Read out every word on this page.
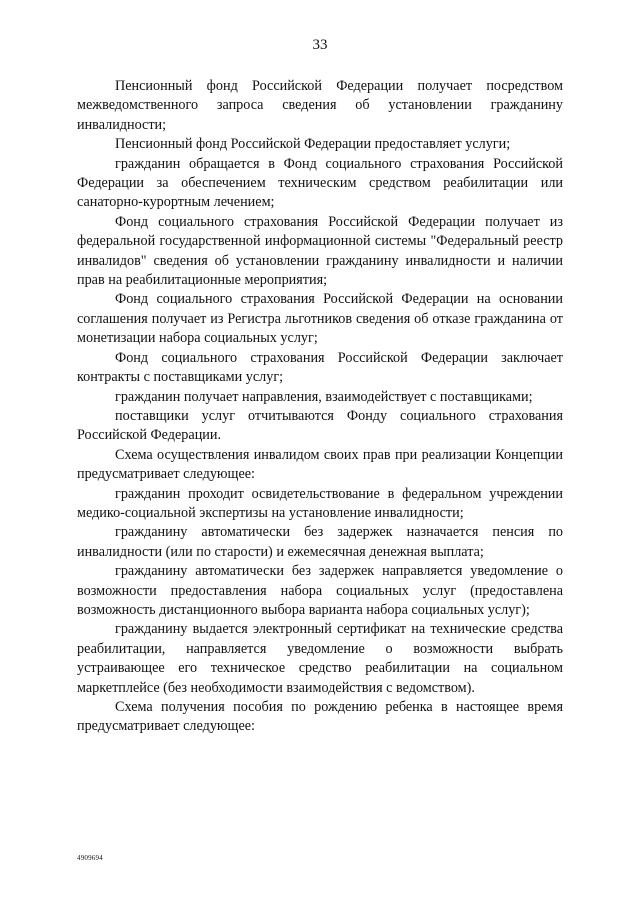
33

Пенсионный фонд Российской Федерации получает посредством межведомственного запроса сведения об установлении гражданину инвалидности;

Пенсионный фонд Российской Федерации предоставляет услуги;

гражданин обращается в Фонд социального страхования Российской Федерации за обеспечением техническим средством реабилитации или санаторно-курортным лечением;

Фонд социального страхования Российской Федерации получает из федеральной государственной информационной системы "Федеральный реестр инвалидов" сведения об установлении гражданину инвалидности и наличии прав на реабилитационные мероприятия;

Фонд социального страхования Российской Федерации на основании соглашения получает из Регистра льготников сведения об отказе гражданина от монетизации набора социальных услуг;

Фонд социального страхования Российской Федерации заключает контракты с поставщиками услуг;

гражданин получает направления, взаимодействует с поставщиками;

поставщики услуг отчитываются Фонду социального страхования Российской Федерации.

Схема осуществления инвалидом своих прав при реализации Концепции предусматривает следующее:

гражданин проходит освидетельствование в федеральном учреждении медико-социальной экспертизы на установление инвалидности;

гражданину автоматически без задержек назначается пенсия по инвалидности (или по старости) и ежемесячная денежная выплата;

гражданину автоматически без задержек направляется уведомление о возможности предоставления набора социальных услуг (предоставлена возможность дистанционного выбора варианта набора социальных услуг);

гражданину выдается электронный сертификат на технические средства реабилитации, направляется уведомление о возможности выбрать устраивающее его техническое средство реабилитации на социальном маркетплейсе (без необходимости взаимодействия с ведомством).

Схема получения пособия по рождению ребенка в настоящее время предусматривает следующее:

4909694
